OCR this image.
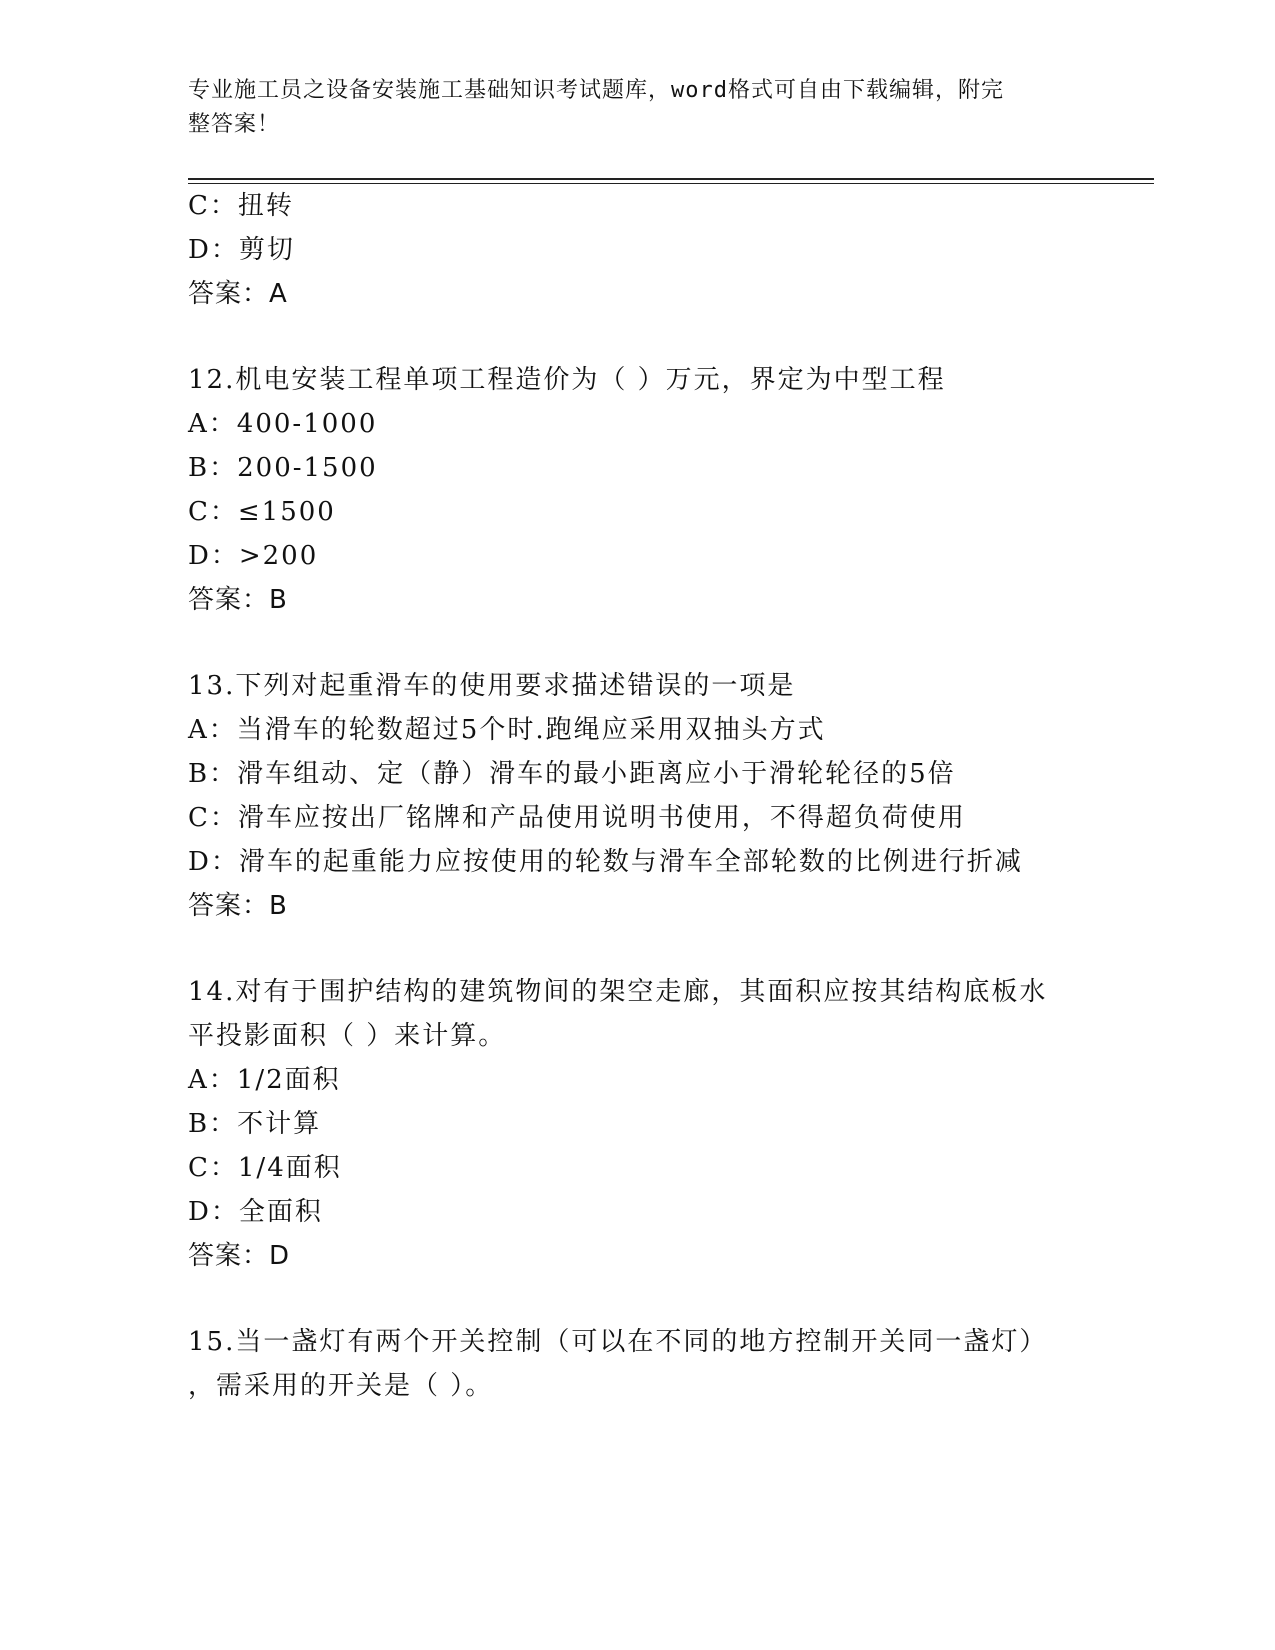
专业施工员之设备安装施工基础知识考试题库，word格式可自由下载编辑，附完
整答案！
C：扭转
D：剪切
答案：A
12.机电安装工程单项工程造价为（ ）万元，界定为中型工程
A：400-1000
B：200-1500
C：≤1500
D：>200
答案：B
13.下列对起重滑车的使用要求描述错误的一项是
A：当滑车的轮数超过5个时.跑绳应采用双抽头方式
B：滑车组动、定（静）滑车的最小距离应小于滑轮轮径的5倍
C：滑车应按出厂铭牌和产品使用说明书使用，不得超负荷使用
D：滑车的起重能力应按使用的轮数与滑车全部轮数的比例进行折减
答案：B
14.对有于围护结构的建筑物间的架空走廊，其面积应按其结构底板水
平投影面积（ ）来计算。
A：1/2面积
B：不计算
C：1/4面积
D：全面积
答案：D
15.当一盏灯有两个开关控制（可以在不同的地方控制开关同一盏灯）
，需采用的开关是（ ）。
